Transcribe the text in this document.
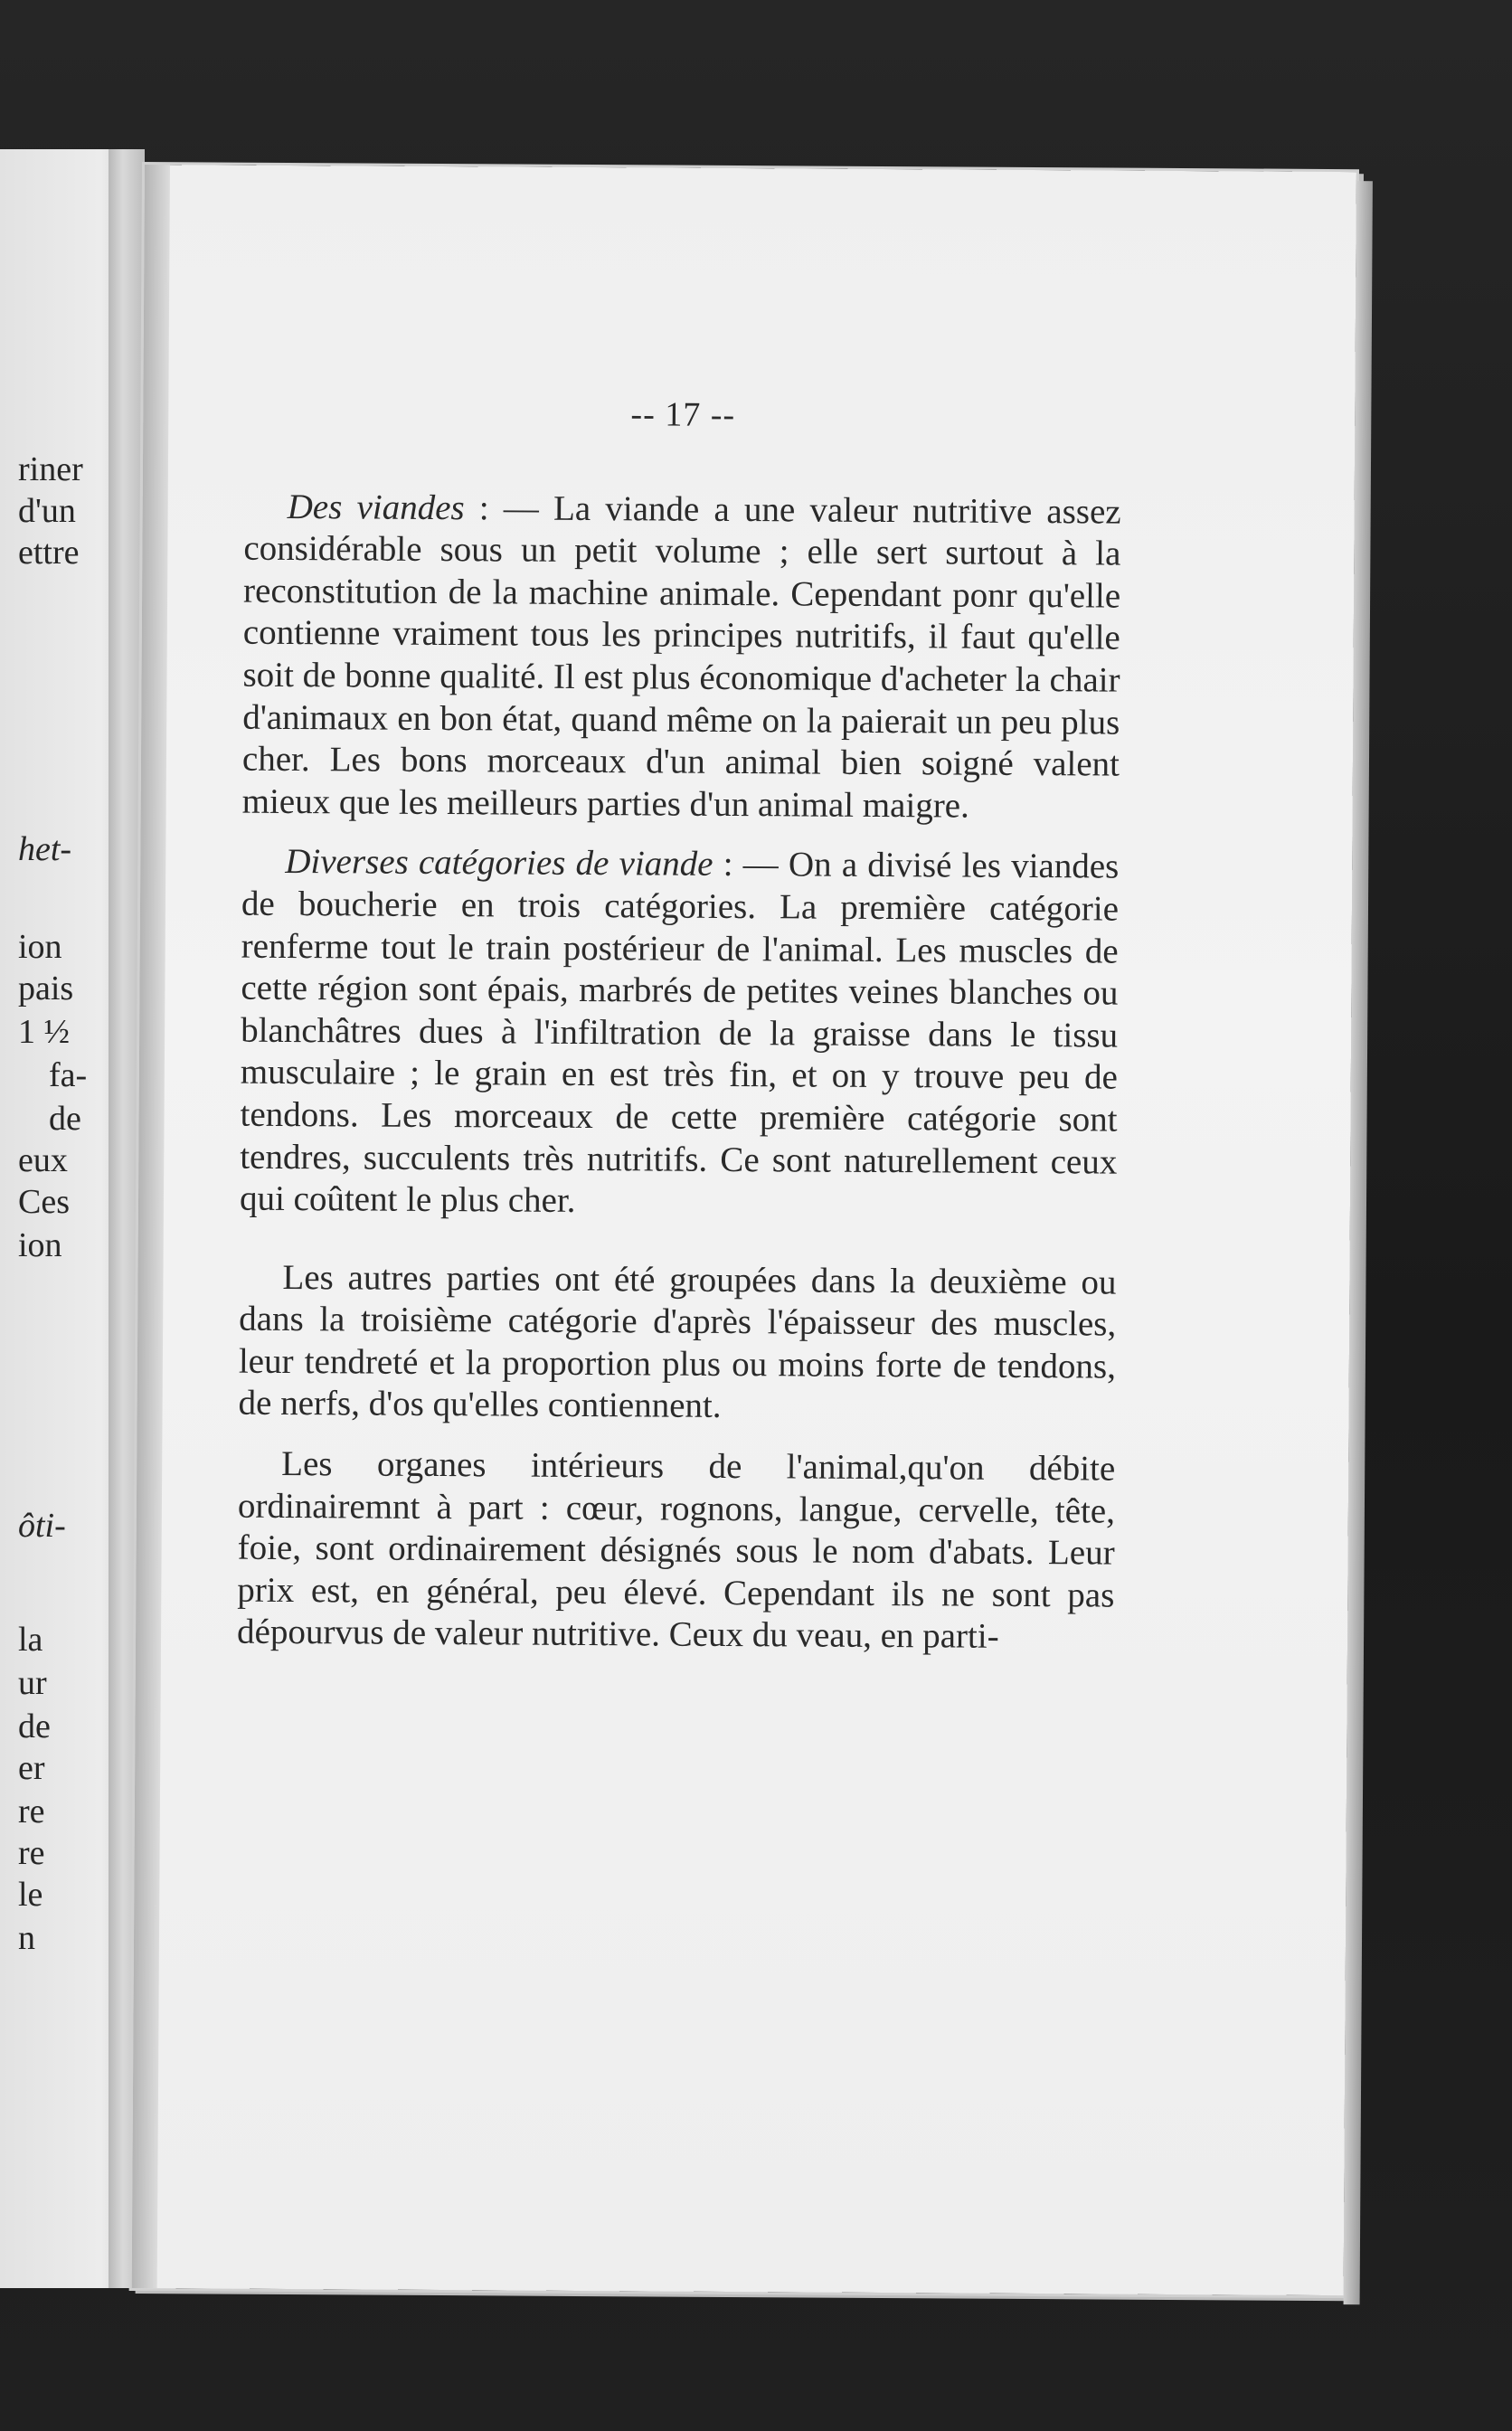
riner
d'un
ettre
het-
ion
pais
1 ½
fa-
de
eux
Ces
ion
ôti-
la
ur
de
er
re
re
le
n
-- 17 --

Des viandes : — La viande a une valeur nutritive assez considérable sous un petit volume ; elle sert surtout à la reconstitution de la machine animale. Cependant ponr qu'elle contienne vraiment tous les principes nutritifs, il faut qu'elle soit de bonne qualité. Il est plus économique d'acheter la chair d'animaux en bon état, quand même on la paierait un peu plus cher. Les bons morceaux d'un animal bien soigné valent mieux que les meilleurs parties d'un animal maigre.

Diverses catégories de viande : — On a divisé les viandes de boucherie en trois catégories. La première catégorie renferme tout le train postérieur de l'animal. Les muscles de cette région sont épais, marbrés de petites veines blanches ou blanchâtres dues à l'infiltration de la graisse dans le tissu musculaire ; le grain en est très fin, et on y trouve peu de tendons. Les morceaux de cette première catégorie sont tendres, succulents très nutritifs. Ce sont naturellement ceux qui coûtent le plus cher.

Les autres parties ont été groupées dans la deuxième ou dans la troisième catégorie d'après l'épaisseur des muscles, leur tendreté et la proportion plus ou moins forte de tendons, de nerfs, d'os qu'elles contiennent.

Les organes intérieurs de l'animal,qu'on débite ordinairemnt à part : cœur, rognons, langue, cervelle, tête, foie, sont ordinairement désignés sous le nom d'abats. Leur prix est, en général, peu élevé. Cependant ils ne sont pas dépourvus de valeur nutritive. Ceux du veau, en parti-
